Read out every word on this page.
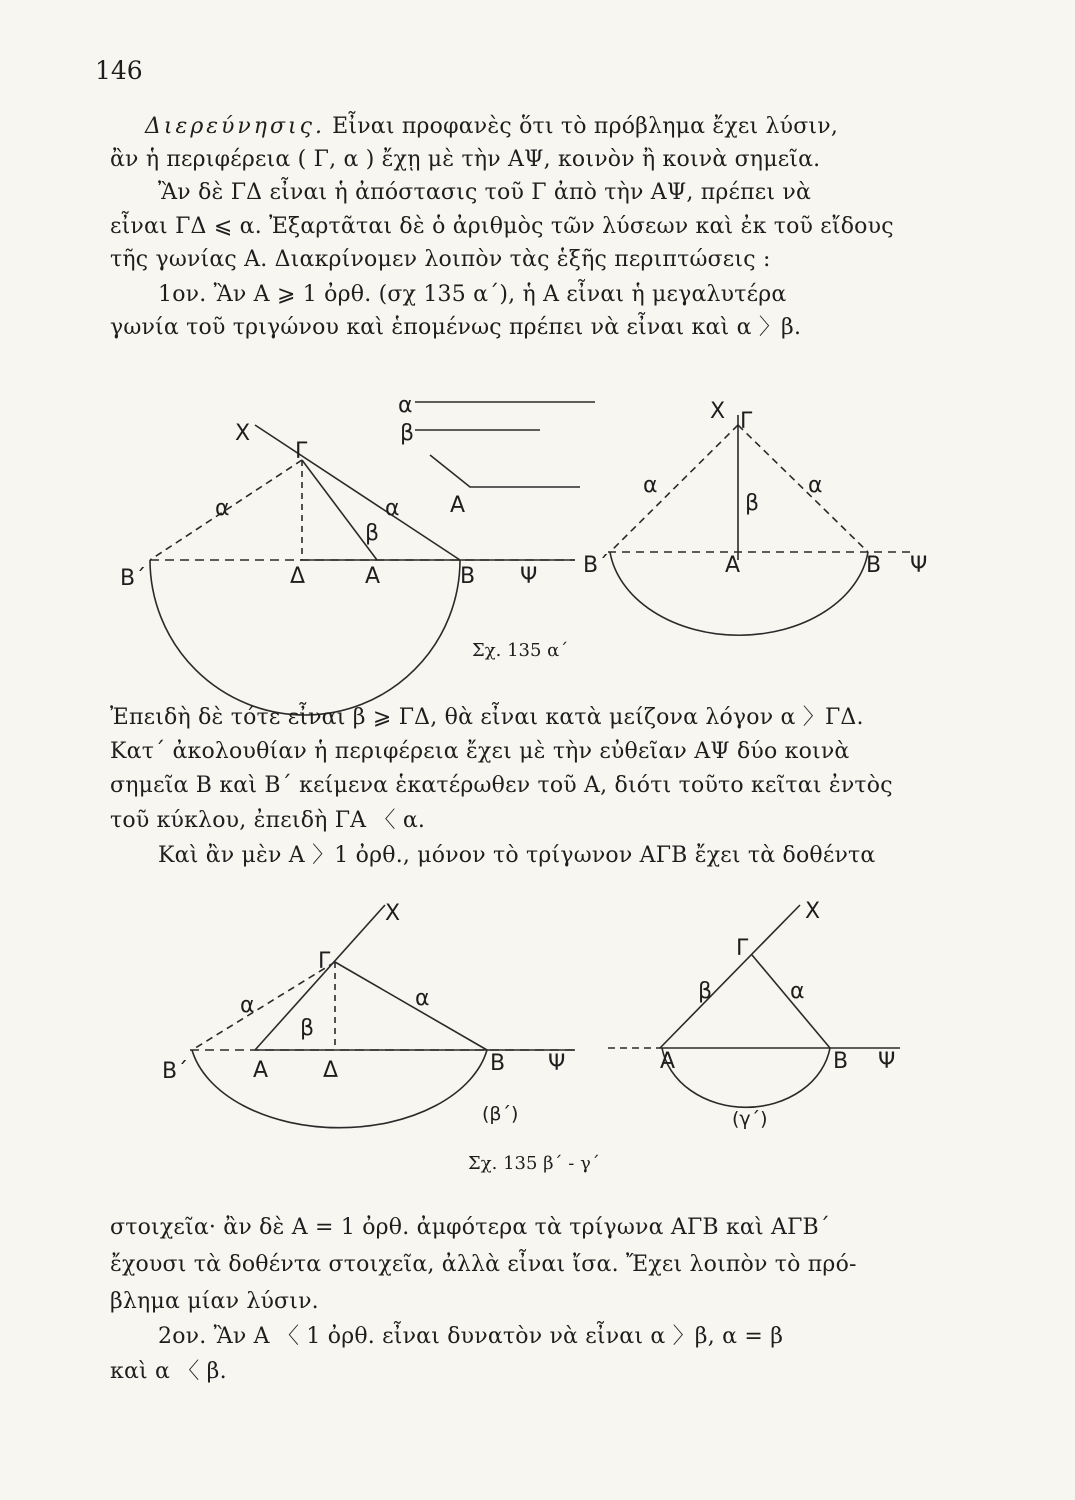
146
Διερεύνησις. Εἶναι προφανὲς ὅτι τὸ πρόβλημα ἔχει λύσιν,
ἂν ἡ περιφέρεια ( Γ, α ) ἔχῃ μὲ τὴν ΑΨ, κοινὸν ἢ κοινὰ σημεῖα.
Ἂν δὲ ΓΔ εἶναι ἡ ἀπόστασις τοῦ Γ ἀπὸ τὴν ΑΨ, πρέπει νὰ
εἶναι ΓΔ ⩽ α. Ἐξαρτᾶται δὲ ὁ ἀριθμὸς τῶν λύσεων καὶ ἐκ τοῦ εἴδους
τῆς γωνίας Α. Διακρίνομεν λοιπὸν τὰς ἑξῆς περιπτώσεις :
1ον. Ἂν Α ⩾ 1 ὀρθ. (σχ 135 α΄), ἡ Α εἶναι ἡ μεγαλυτέρα
γωνία τοῦ τριγώνου καὶ ἑπομένως πρέπει νὰ εἶναι καὶ α 〉β.
X
Γ
α	α
β
B΄	Δ	A	B Ψ
α
β
A
X Γ
α	α
β
B΄	A	B Ψ
Σχ. 135 α΄
Ἐπειδὴ δὲ τότε εἶναι β ⩾ ΓΔ, θὰ εἶναι κατὰ μείζονα λόγον α 〉ΓΔ.
Κατ΄ ἀκολουθίαν ἡ περιφέρεια ἔχει μὲ τὴν εὐθεῖαν ΑΨ δύο κοινὰ
σημεῖα Β καὶ Β΄ κείμενα ἑκατέρωθεν τοῦ Α, διότι τοῦτο κεῖται ἐντὸς
τοῦ κύκλου, ἐπειδὴ ΓΑ 〈 α.
Καὶ ἂν μὲν Α 〉1 ὀρθ., μόνον τὸ τρίγωνον ΑΓΒ ἔχει τὰ δοθέντα
X
Γ
α	α
β
B΄	A Δ	B Ψ
(β΄)
X
Γ
α
β
A	B Ψ
(γ΄)
Σχ. 135 β΄ - γ΄
στοιχεῖα· ἂν δὲ Α = 1 ὀρθ. ἀμφότερα τὰ τρίγωνα ΑΓΒ καὶ ΑΓΒ΄
ἔχουσι τὰ δοθέντα στοιχεῖα, ἀλλὰ εἶναι ἴσα. Ἔχει λοιπὸν τὸ πρό-
βλημα μίαν λύσιν.
2ον. Ἂν Α 〈 1 ὀρθ. εἶναι δυνατὸν νὰ εἶναι α 〉β, α = β
καὶ α 〈 β.
